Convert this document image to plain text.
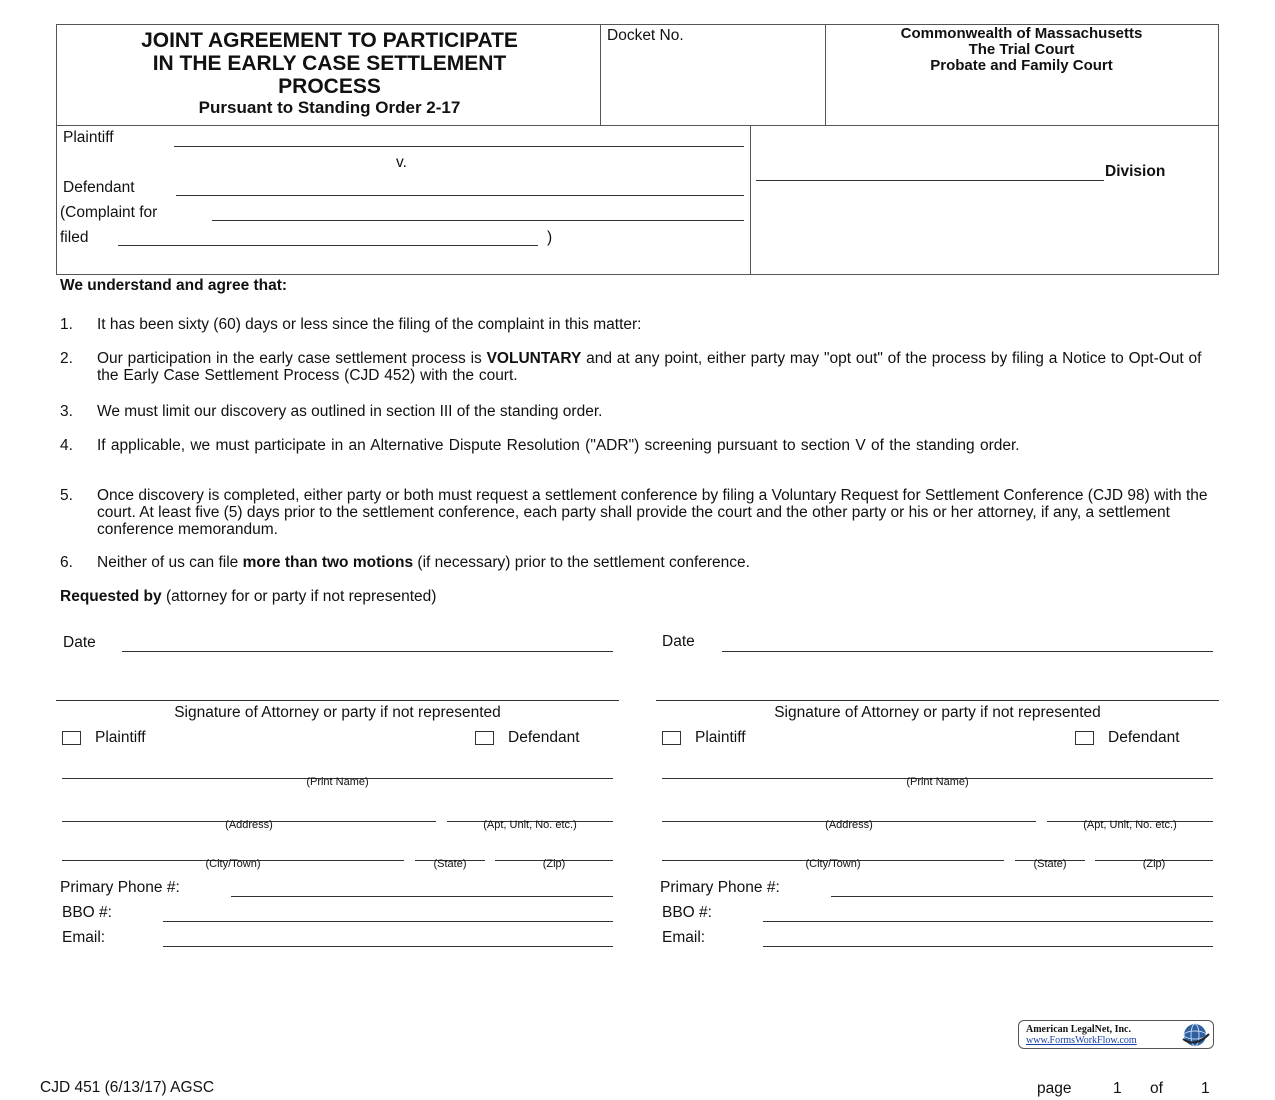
JOINT AGREEMENT TO PARTICIPATE
IN THE EARLY CASE SETTLEMENT
PROCESS
Pursuant to Standing Order 2-17
Docket No.	Commonwealth of Massachusetts
The Trial Court
Probate and Family Court
Plaintiff
v.
Defendant
(Complaint for
filed	)
Division
We understand and agree that:
1. It has been sixty (60) days or less since the filing of the complaint in this matter:
2. Our participation in the early case settlement process is VOLUNTARY and at any point, either party may "opt out" of the process by filing a Notice to Opt-Out of the Early Case Settlement Process (CJD 452) with the court.
3. We must limit our discovery as outlined in section III of the standing order.
4. If applicable, we must participate in an Alternative Dispute Resolution ("ADR") screening pursuant to section V of the standing order.
5. Once discovery is completed, either party or both must request a settlement conference by filing a Voluntary Request for Settlement Conference (CJD 98) with the court. At least five (5) days prior to the settlement conference, each party shall provide the court and the other party or his or her attorney, if any, a settlement conference memorandum.
6. Neither of us can file more than two motions (if necessary) prior to the settlement conference.
Requested by (attorney for or party if not represented)
Date
Signature of Attorney or party if not represented
Plaintiff	Defendant
(Print Name)
(Address)	(Apt, Unit, No. etc.)
(City/Town)	(State)	(Zip)
Primary Phone #:
BBO #:
Email:
Date
Signature of Attorney or party if not represented
Plaintiff	Defendant
(Print Name)
(Address)	(Apt, Unit, No. etc.)
(City/Town)	(State)	(Zip)
Primary Phone #:
BBO #:
Email:
American LegalNet, Inc.
www.FormsWorkFlow.com
CJD 451 (6/13/17) AGSC	page	1 of 1
